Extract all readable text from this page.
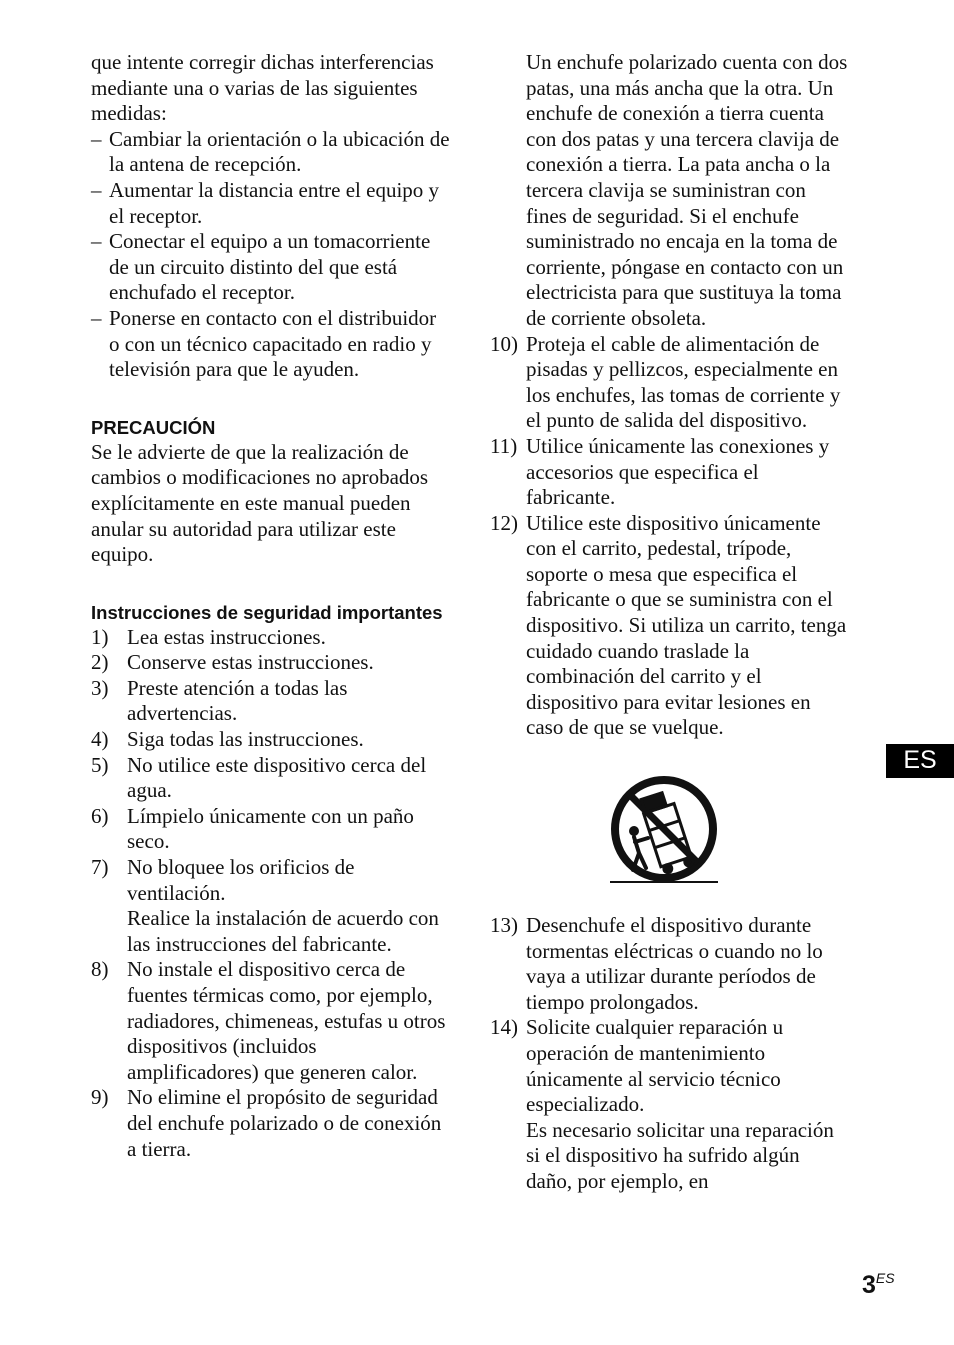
que intente corregir dichas interferencias mediante una o varias de las siguientes medidas:

– Cambiar la orientación o la ubicación de la antena de recepción.
– Aumentar la distancia entre el equipo y el receptor.
– Conectar el equipo a un tomacorriente de un circuito distinto del que está enchufado el receptor.
– Ponerse en contacto con el distribuidor o con un técnico capacitado en radio y televisión para que le ayuden.

PRECAUCIÓN

Se le advierte de que la realización de cambios o modificaciones no aprobados explícitamente en este manual pueden anular su autoridad para utilizar este equipo.

Instrucciones de seguridad importantes

1) Lea estas instrucciones.
2) Conserve estas instrucciones.
3) Preste atención a todas las advertencias.
4) Siga todas las instrucciones.
5) No utilice este dispositivo cerca del agua.
6) Límpielo únicamente con un paño seco.
7) No bloquee los orificios de ventilación.
Realice la instalación de acuerdo con las instrucciones del fabricante.
8) No instale el dispositivo cerca de fuentes térmicas como, por ejemplo, radiadores, chimeneas, estufas u otros dispositivos (incluidos amplificadores) que generen calor.
9) No elimine el propósito de seguridad del enchufe polarizado o de conexión a tierra.
Un enchufe polarizado cuenta con dos patas, una más ancha que la otra. Un enchufe de conexión a tierra cuenta con dos patas y una tercera clavija de conexión a tierra. La pata ancha o la tercera clavija se suministran con fines de seguridad. Si el enchufe suministrado no encaja en la toma de corriente, póngase en contacto con un electricista para que sustituya la toma de corriente obsoleta.
10) Proteja el cable de alimentación de pisadas y pellizcos, especialmente en los enchufes, las tomas de corriente y el punto de salida del dispositivo.
11) Utilice únicamente las conexiones y accesorios que especifica el fabricante.
12) Utilice este dispositivo únicamente con el carrito, pedestal, trípode, soporte o mesa que especifica el fabricante o que se suministra con el dispositivo. Si utiliza un carrito, tenga cuidado cuando traslade la combinación del carrito y el dispositivo para evitar lesiones en caso de que se vuelque.
13) Desenchufe el dispositivo durante tormentas eléctricas o cuando no lo vaya a utilizar durante períodos de tiempo prolongados.
14) Solicite cualquier reparación u operación de mantenimiento únicamente al servicio técnico especializado.
Es necesario solicitar una reparación si el dispositivo ha sufrido algún daño, por ejemplo, en
ES
$3^{ES}$
